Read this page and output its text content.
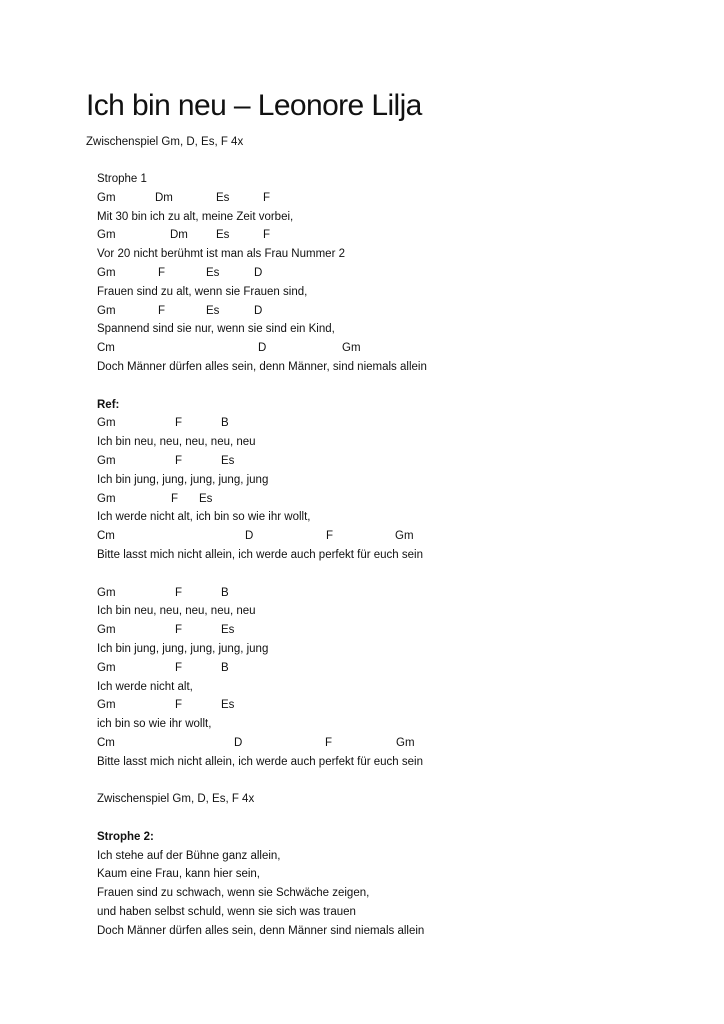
Ich bin neu – Leonore Lilja
Zwischenspiel Gm, D, Es, F 4x
Strophe 1
Gm	Dm	Es	F
Mit 30 bin ich zu alt, meine Zeit vorbei,
Gm	Dm Es	F
Vor 20 nicht berühmt ist man als Frau Nummer 2
Gm	F	Es	D
Frauen sind zu alt, wenn sie Frauen sind,
Gm	F	Es	D
Spannend sind sie nur, wenn sie sind ein Kind,
Cm	D	Gm
Doch Männer dürfen alles sein, denn Männer, sind niemals allein
Ref:
Gm	F	B
Ich bin neu, neu, neu, neu, neu
Gm	F	Es
Ich bin jung, jung, jung, jung, jung
Gm	F Es
Ich werde nicht alt, ich bin so wie ihr wollt,
Cm	D	F	Gm
Bitte lasst mich nicht allein, ich werde auch perfekt für euch sein
Gm	F	B
Ich bin neu, neu, neu, neu, neu
Gm	F	Es
Ich bin jung, jung, jung, jung, jung
Gm	F	B
Ich werde nicht alt,
Gm	F	Es
ich bin so wie ihr wollt,
Cm	D	F	Gm
Bitte lasst mich nicht allein, ich werde auch perfekt für euch sein
Zwischenspiel Gm, D, Es, F 4x
Strophe 2:
Ich stehe auf der Bühne ganz allein,
Kaum eine Frau, kann hier sein,
Frauen sind zu schwach, wenn sie Schwäche zeigen,
und haben selbst schuld, wenn sie sich was trauen
Doch Männer dürfen alles sein, denn Männer sind niemals allein
